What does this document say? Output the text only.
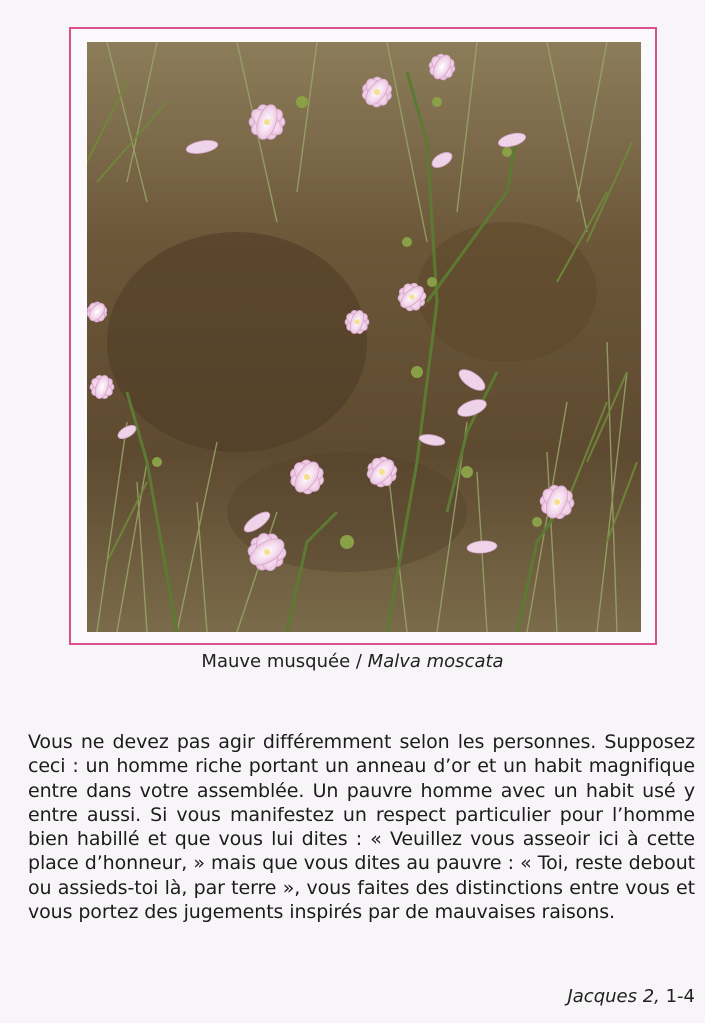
Mauve musquée / Malva moscata

Vous ne devez pas agir différemment selon les personnes. Supposez ceci : un homme riche portant un anneau d’or et un habit magnifique entre dans votre assemblée. Un pauvre homme avec un habit usé y entre aussi. Si vous manifestez un respect particulier pour l’homme bien habillé et que vous lui dites : « Veuillez vous asseoir ici à cette place d’honneur, » mais que vous dites au pauvre : « Toi, reste debout ou assieds-toi là, par terre », vous faites des distinctions entre vous et vous portez des jugements inspirés par de mauvaises raisons.

Jacques 2, 1-4
